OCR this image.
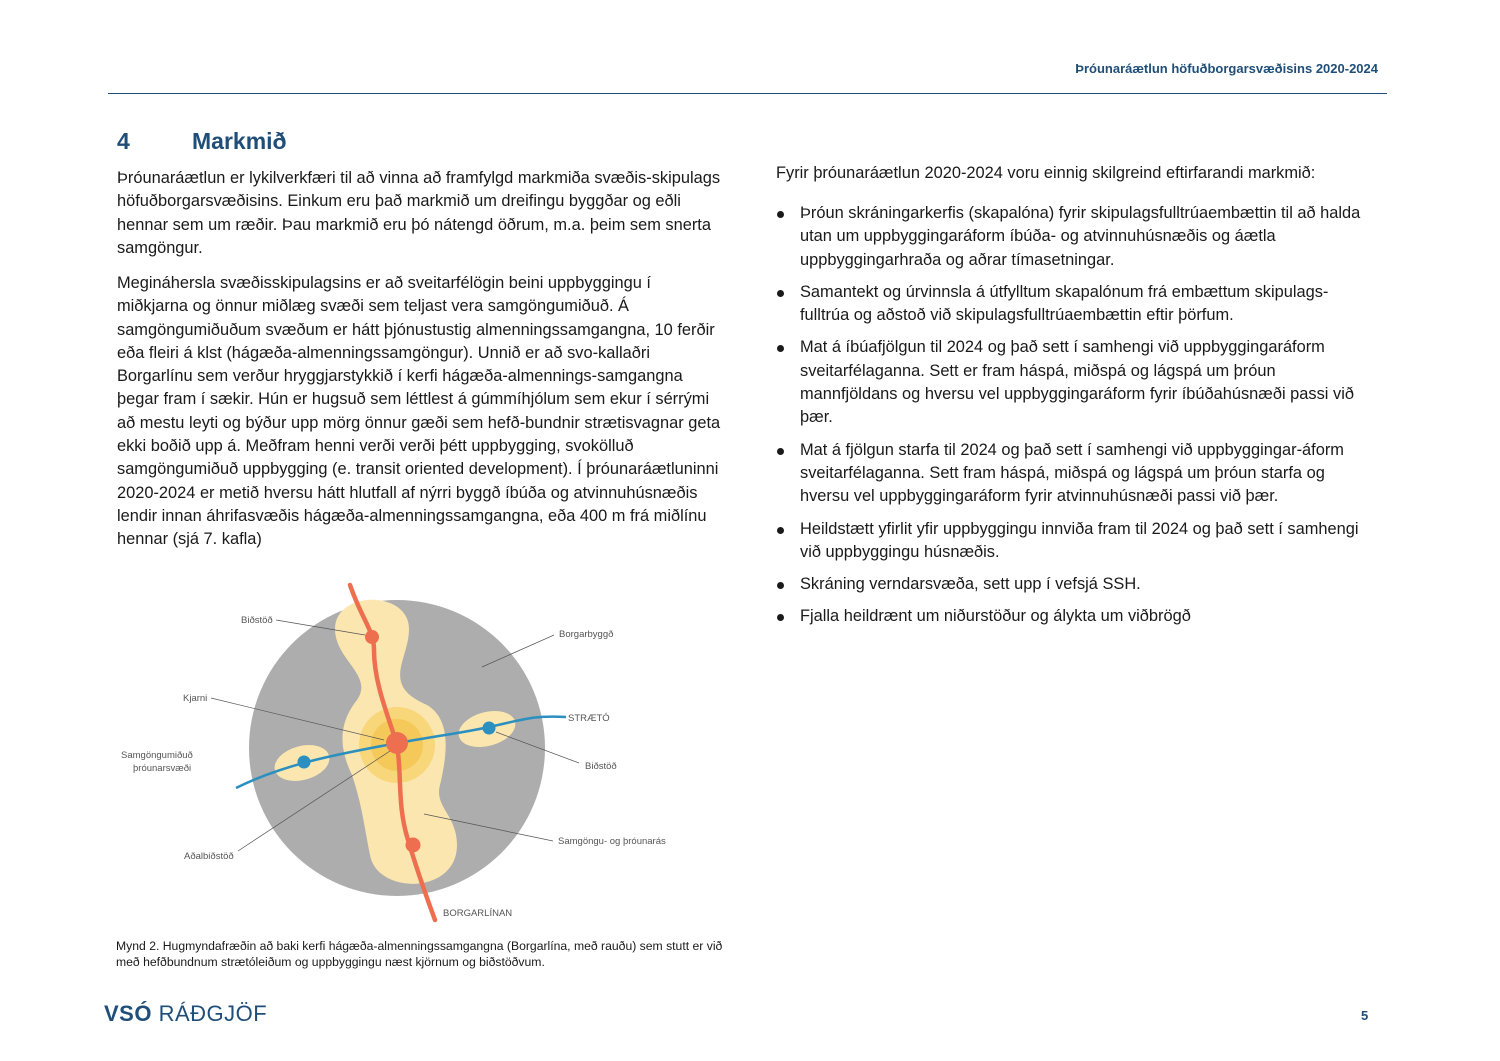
Þróunaráætlun höfuðborgarsvæðisins 2020-2024
4	Markmið

Þróunaráætlun er lykilverkfæri til að vinna að framfylgd markmiða svæðis-skipulags höfuðborgarsvæðisins. Einkum eru það markmið um dreifingu byggðar og eðli hennar sem um ræðir. Þau markmið eru þó nátengd öðrum, m.a. þeim sem snerta samgöngur.

Megináhersla svæðisskipulagsins er að sveitarfélögin beini uppbyggingu í miðkjarna og önnur miðlæg svæði sem teljast vera samgöngumiðuð. Á samgöngumiðuðum svæðum er hátt þjónustustig almenningssamgangna, 10 ferðir eða fleiri á klst (hágæða-almenningssamgöngur). Unnið er að svo-kallaðri Borgarlínu sem verður hryggjarstykkið í kerfi hágæða-almennings-samgangna þegar fram í sækir. Hún er hugsuð sem léttlest á gúmmíhjólum sem ekur í sérrými að mestu leyti og býður upp mörg önnur gæði sem hefð-bundnir strætisvagnar geta ekki boðið upp á. Meðfram henni verði verði þétt uppbygging, svokölluð samgöngumiðuð uppbygging (e. transit oriented development). Í þróunaráætluninni 2020-2024 er metið hversu hátt hlutfall af nýrri byggð íbúða og atvinnuhúsnæðis lendir innan áhrifasvæðis hágæða-almenningssamgangna, eða 400 m frá miðlínu hennar (sjá 7. kafla)

Biðstöð
Borgarbyggð
Kjarni
STRÆTÓ
Samgöngumiðuð
þróunarsvæði	Biðstöð
Samgöngu- og þróunarás
Aðalbiðstöð
BORGARLÍNAN

Mynd 2. Hugmyndafræðin að baki kerfi hágæða-almenningssamgangna (Borgarlína, með rauðu) sem stutt er við með hefðbundnum strætóleiðum og uppbyggingu næst kjörnum og biðstöðvum.

Fyrir þróunaráætlun 2020-2024 voru einnig skilgreind eftirfarandi markmið:

Þróun skráningarkerfis (skapalóna) fyrir skipulagsfulltrúaembættin til að halda utan um uppbyggingaráform íbúða- og atvinnuhúsnæðis og áætla uppbyggingarhraða og aðrar tímasetningar.
Samantekt og úrvinnsla á útfylltum skapalónum frá embættum skipulags-fulltrúa og aðstoð við skipulagsfulltrúaembættin eftir þörfum.
Mat á íbúafjölgun til 2024 og það sett í samhengi við uppbyggingaráform sveitarfélaganna. Sett er fram háspá, miðspá og lágspá um þróun mannfjöldans og hversu vel uppbyggingaráform fyrir íbúðahúsnæði passi við þær.
Mat á fjölgun starfa til 2024 og það sett í samhengi við uppbyggingar-áform sveitarfélaganna. Sett fram háspá, miðspá og lágspá um þróun starfa og hversu vel uppbyggingaráform fyrir atvinnuhúsnæði passi við þær.
Heildstætt yfirlit yfir uppbyggingu innviða fram til 2024 og það sett í samhengi við uppbyggingu húsnæðis.
Skráning verndarsvæða, sett upp í vefsjá SSH.
Fjalla heildrænt um niðurstöður og álykta um viðbrögð
VSÓ RÁÐGJÖF	5
